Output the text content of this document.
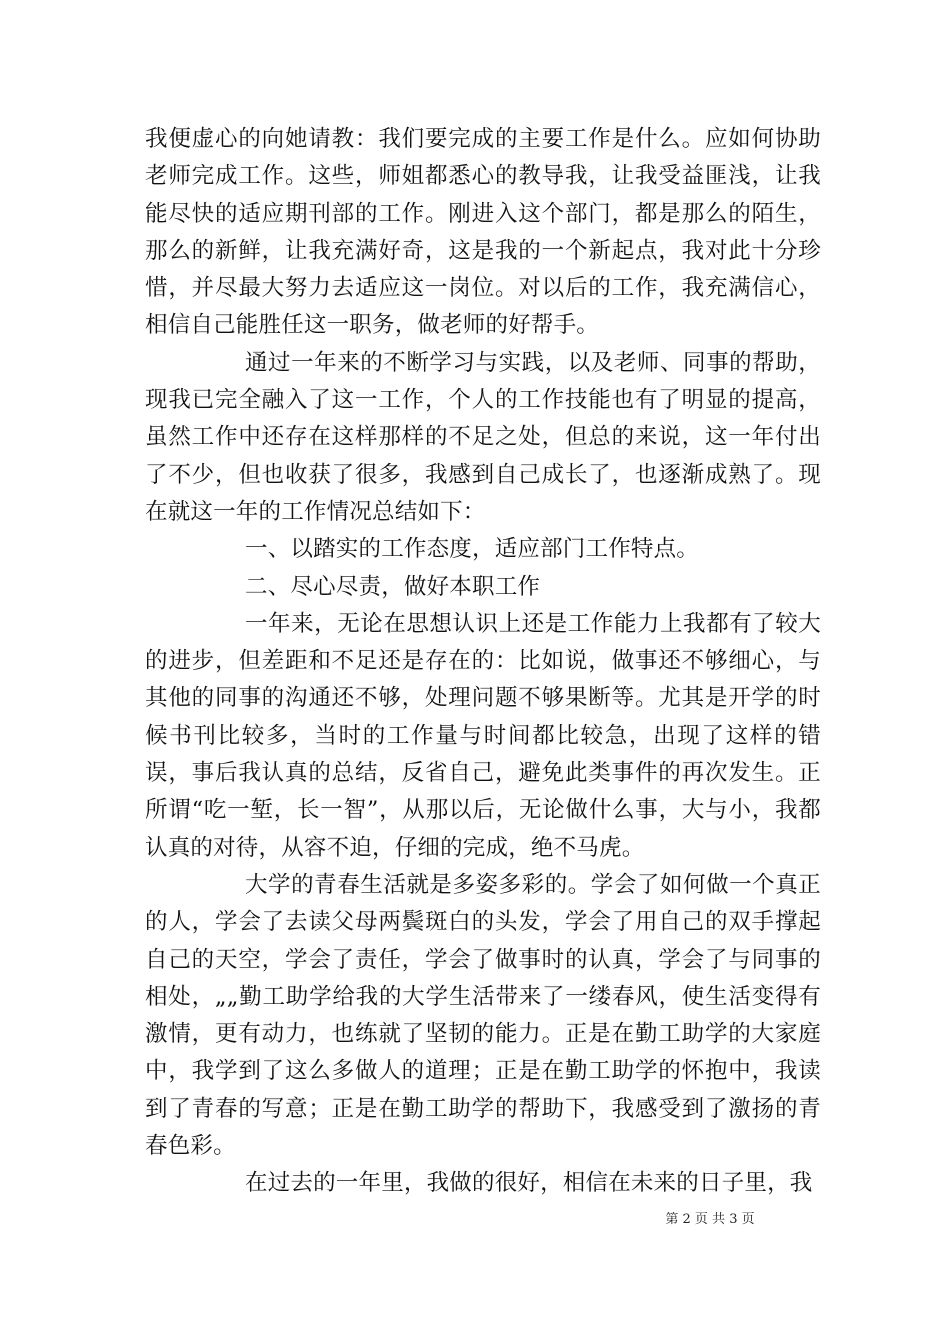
我便虚心的向她请教：我们要完成的主要工作是什么。应如何协助老师完成工作。这些，师姐都悉心的教导我，让我受益匪浅，让我能尽快的适应期刊部的工作。刚进入这个部门，都是那么的陌生，那么的新鲜，让我充满好奇，这是我的一个新起点，我对此十分珍惜，并尽最大努力去适应这一岗位。对以后的工作，我充满信心，相信自己能胜任这一职务，做老师的好帮手。

通过一年来的不断学习与实践，以及老师、同事的帮助，现我已完全融入了这一工作，个人的工作技能也有了明显的提高，虽然工作中还存在这样那样的不足之处，但总的来说，这一年付出了不少，但也收获了很多，我感到自己成长了，也逐渐成熟了。现在就这一年的工作情况总结如下：

一、以踏实的工作态度，适应部门工作特点。

二、尽心尽责，做好本职工作

一年来，无论在思想认识上还是工作能力上我都有了较大的进步，但差距和不足还是存在的：比如说，做事还不够细心，与其他的同事的沟通还不够，处理问题不够果断等。尤其是开学的时候书刊比较多，当时的工作量与时间都比较急，出现了这样的错误，事后我认真的总结，反省自己，避免此类事件的再次发生。正所谓“吃一堑，长一智”，从那以后，无论做什么事，大与小，我都认真的对待，从容不迫，仔细的完成，绝不马虎。

大学的青春生活就是多姿多彩的。学会了如何做一个真正的人，学会了去读父母两鬓斑白的头发，学会了用自己的双手撑起自己的天空，学会了责任，学会了做事时的认真，学会了与同事的相处，„„勤工助学给我的大学生活带来了一缕春风，使生活变得有激情，更有动力，也练就了坚韧的能力。正是在勤工助学的大家庭中，我学到了这么多做人的道理；正是在勤工助学的怀抱中，我读到了青春的写意；正是在勤工助学的帮助下，我感受到了激扬的青春色彩。

在过去的一年里，我做的很好，相信在未来的日子里，我

第 2 页 共 3 页
